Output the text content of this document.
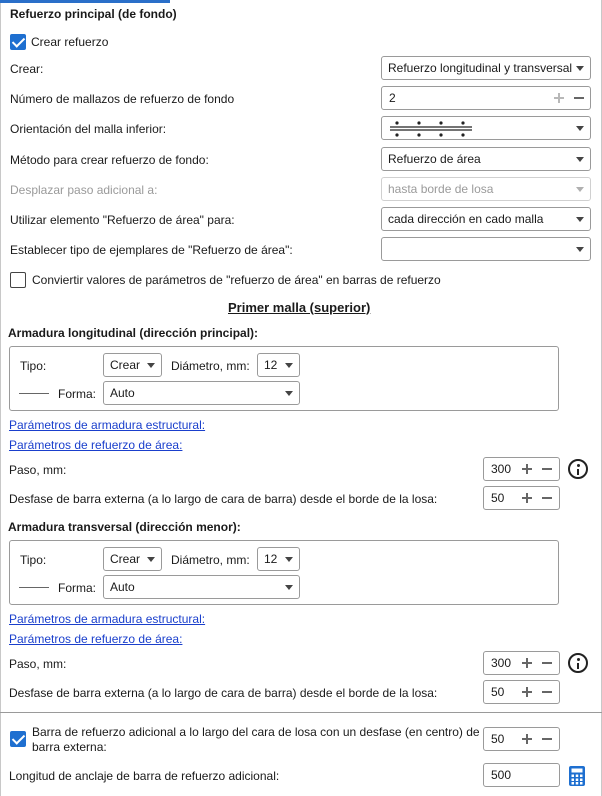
Refuerzo principal (de fondo)
Crear refuerzo
Crear:	Refuerzo longitudinal y transversal
Número de mallazos de refuerzo de fondo	2
Orientación del malla inferior:
Método para crear refuerzo de fondo:	Refuerzo de área
Desplazar paso adicional a:	hasta borde de losa
Utilizar elemento "Refuerzo de área" para:	cada dirección en cado malla
Establecer tipo de ejemplares de "Refuerzo de área":
Conviertir valores de parámetros de "refuerzo de área" en barras de refuerzo
Primer malla (superior)
Armadura longitudinal (dirección principal):
Tipo:	Crear	Diámetro, mm:	12
Forma:	Auto
Parámetros de armadura estructural:
Parámetros de refuerzo de área:
Paso, mm:	300
Desfase de barra externa (a lo largo de cara de barra) desde el borde de la losa:	50
Armadura transversal (dirección menor):
Tipo:	Crear	Diámetro, mm:	12
Forma:	Auto
Parámetros de armadura estructural:
Parámetros de refuerzo de área:
Paso, mm:	300
Desfase de barra externa (a lo largo de cara de barra) desde el borde de la losa:	50
Barra de refuerzo adicional a lo largo del cara de losa con un desfase (en centro) de
barra externa:
50
Longitud de anclaje de barra de refuerzo adicional:	500
